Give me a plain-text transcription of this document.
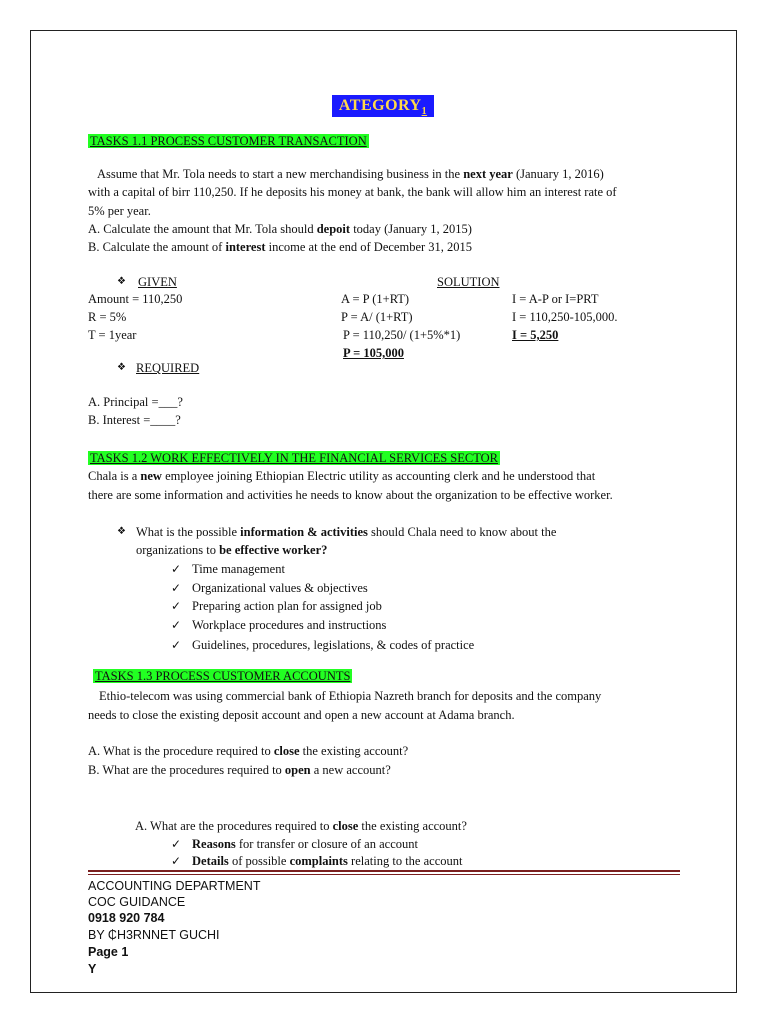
$ATEGORY_1$
TASKS 1.1 PROCESS CUSTOMER TRANSACTION
Assume that Mr. Tola needs to start a new merchandising business in the next year (January 1, 2016)
with a capital of birr 110,250. If he deposits his money at bank, the bank will allow him an interest rate of
5% per year.
A. Calculate the amount that Mr. Tola should depoit today (January 1, 2015)
B. Calculate the amount of interest income at the end of December 31, 2015
❖ GIVEN	SOLUTION
Amount = 110,250
R = 5%
T = 1year
A = P (1+RT)
P = A/ (1+RT)
P = 110,250/ (1+5%*1)
P = 105,000
I = A-P or I=PRT
I = 110,250-105,000.
I = 5,250
❖ REQUIRED
A. Principal =___?
B. Interest =____?
TASKS 1.2 WORK EFFECTIVELY IN THE FINANCIAL SERVICES SECTOR
Chala is a new employee joining Ethiopian Electric utility as accounting clerk and he understood that
there are some information and activities he needs to know about the organization to be effective worker.
❖ What is the possible information & activities should Chala need to know about the
organizations to be effective worker?
✓ Time management
✓ Organizational values & objectives
✓ Preparing action plan for assigned job
✓ Workplace procedures and instructions
✓ Guidelines, procedures, legislations, & codes of practice
TASKS 1.3 PROCESS CUSTOMER ACCOUNTS
Ethio-telecom was using commercial bank of Ethiopia Nazreth branch for deposits and the company
needs to close the existing deposit account and open a new account at Adama branch.
A. What is the procedure required to close the existing account?
B. What are the procedures required to open a new account?
A. What are the procedures required to close the existing account?
✓ Reasons for transfer or closure of an account
✓ Details of possible complaints relating to the account
ACCOUNTING DEPARTMENT
COC GUIDANCE
0918 920 784
BY ₵H3RNNET GUCHI
Page 1
Y
